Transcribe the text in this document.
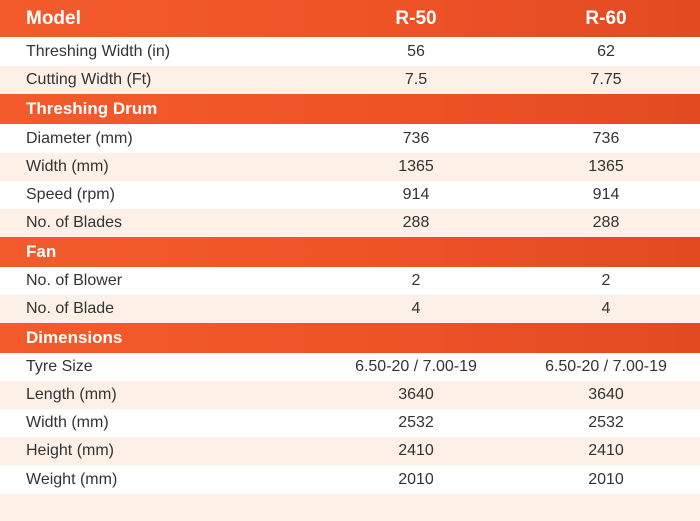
Model	R-50	R-60
Threshing Width (in)	56	62
Cutting Width (Ft)	7.5	7.75
Threshing Drum
Diameter (mm)	736	736
Width (mm)	1365	1365
Speed (rpm)	914	914
No. of Blades	288	288
Fan
No. of Blower	2	2
No. of Blade	4	4
Dimensions
Tyre Size	6.50-20 / 7.00-19	6.50-20 / 7.00-19
Length (mm)	3640	3640
Width (mm)	2532	2532
Height (mm)	2410	2410
Weight (mm)	2010	2010
